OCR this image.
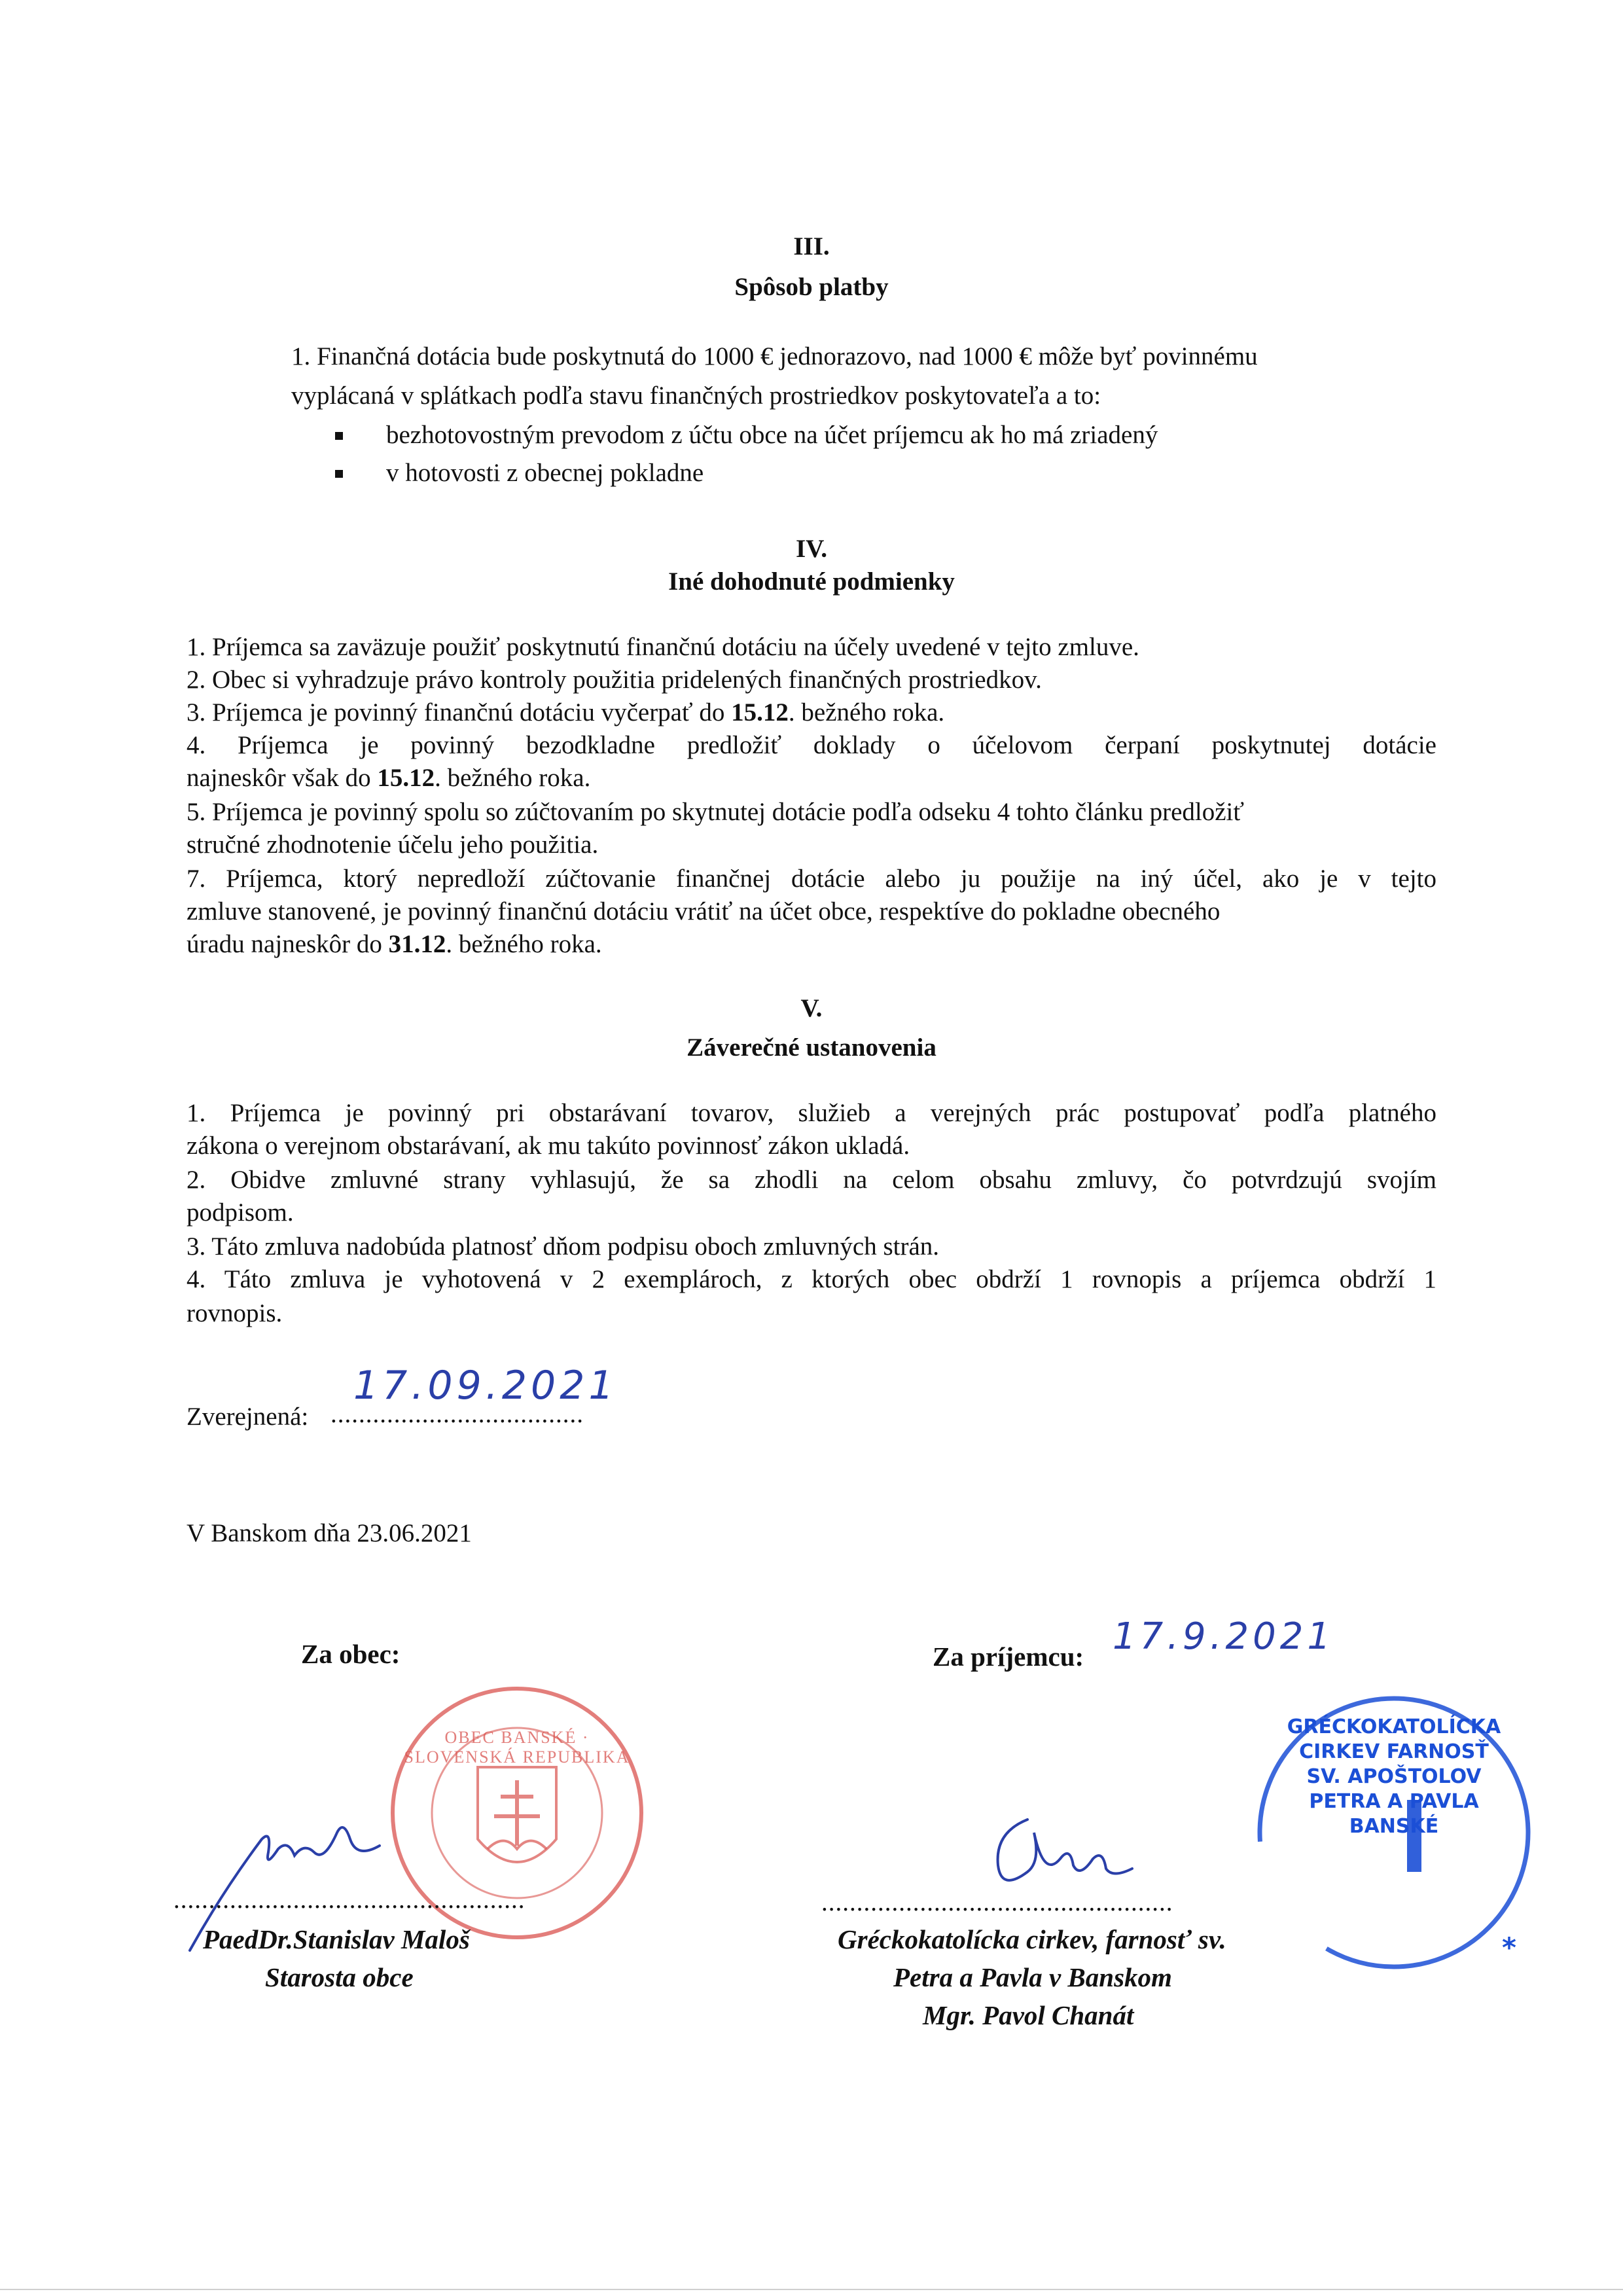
III.
Spôsob platby
1. Finančná dotácia bude poskytnutá do 1000 € jednorazovo, nad 1000 € môže byť povinnému
vyplácaná v splátkach podľa stavu finančných prostriedkov poskytovateľa a to:
bezhotovostným prevodom z účtu obce na účet príjemcu ak ho má zriadený
v hotovosti z obecnej pokladne
IV.
Iné dohodnuté podmienky
1. Príjemca sa zaväzuje použiť poskytnutú finančnú dotáciu na účely uvedené v tejto zmluve.
2. Obec si vyhradzuje právo kontroly použitia pridelených finančných prostriedkov.
3. Príjemca je povinný finančnú dotáciu vyčerpať do 15.12. bežného roka.
4. Príjemca je povinný bezodkladne predložiť doklady o účelovom čerpaní poskytnutej dotácie
najneskôr však do 15.12. bežného roka.
5. Príjemca je povinný spolu so zúčtovaním po skytnutej dotácie podľa odseku 4 tohto článku predložiť
stručné zhodnotenie účelu jeho použitia.
7. Príjemca, ktorý nepredloží zúčtovanie finančnej dotácie alebo ju použije na iný účel, ako je v tejto
zmluve stanovené, je povinný finančnú dotáciu vrátiť na účet obce, respektíve do pokladne obecného
úradu najneskôr do 31.12. bežného roka.
V.
Záverečné ustanovenia
1. Príjemca je povinný pri obstarávaní tovarov, služieb a verejných prác postupovať podľa platného
zákona o verejnom obstarávaní, ak mu takúto povinnosť zákon ukladá.
2. Obidve zmluvné strany vyhlasujú, že sa zhodli na celom obsahu zmluvy, čo potvrdzujú svojím
podpisom.
3. Táto zmluva nadobúda platnosť dňom podpisu oboch zmluvných strán.
4. Táto zmluva je vyhotovená v 2 exemplároch, z ktorých obec obdrží 1 rovnopis a príjemca obdrží 1
rovnopis.
Zverejnená: ....................................
17.09.2021
V Banskom dňa 23.06.2021
Za obec:
OBEC BANSKÉ · SLOVENSKÁ REPUBLIKA
..................................................
PaedDr.Stanislav Maloš
Starosta obce
Za príjemcu: 17.9.2021
*
GRÉCKOKATOLÍCKA CIRKEV FARNOSŤ SV. APOŠTOLOV PETRA A PAVLA BANSKÉ
..................................................
Gréckokatolícka cirkev, farnosť sv.
Petra a Pavla v Banskom
Mgr. Pavol Chanát
